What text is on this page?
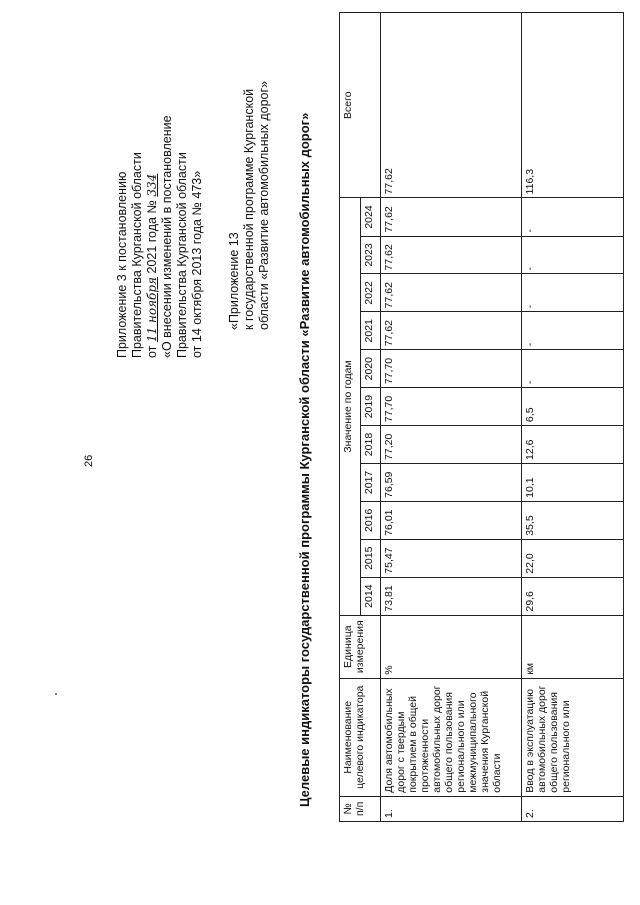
26
Приложение 3 к постановлению Правительства Курганской области от 11 ноября 2021 года № 334 «О внесении изменений в постановление Правительства Курганской области от 14 октября 2013 года № 473» «Приложение 13 к государственной программе Курганской области «Развитие автомобильных дорог» Целевые индикаторы государственной программы Курганской области «Развитие автомобильных дорог»
№ п/п	Наименование целевого индикатора	Единица измерения	Значение по годам											Всего
			2014	2015	2016	2017	2018	2019	2020	2021	2022	2023	2024	
1.	Доля автомобильных дорог с твердым покрытием в общей протяженности автомобильных дорог общего пользования регионального или межмуниципального значения Курганской области	%	73,81	75,47	76,01	76,59	77,20	77,70	77,70	77,62	77,62	77,62	77,62	77,62
2.	Ввод в эксплуатацию автомобильных дорог общего пользования регионального или	км	29,6	22,0	35,5	10,1	12,6	6,5	-	-	-	-	-	116,3
